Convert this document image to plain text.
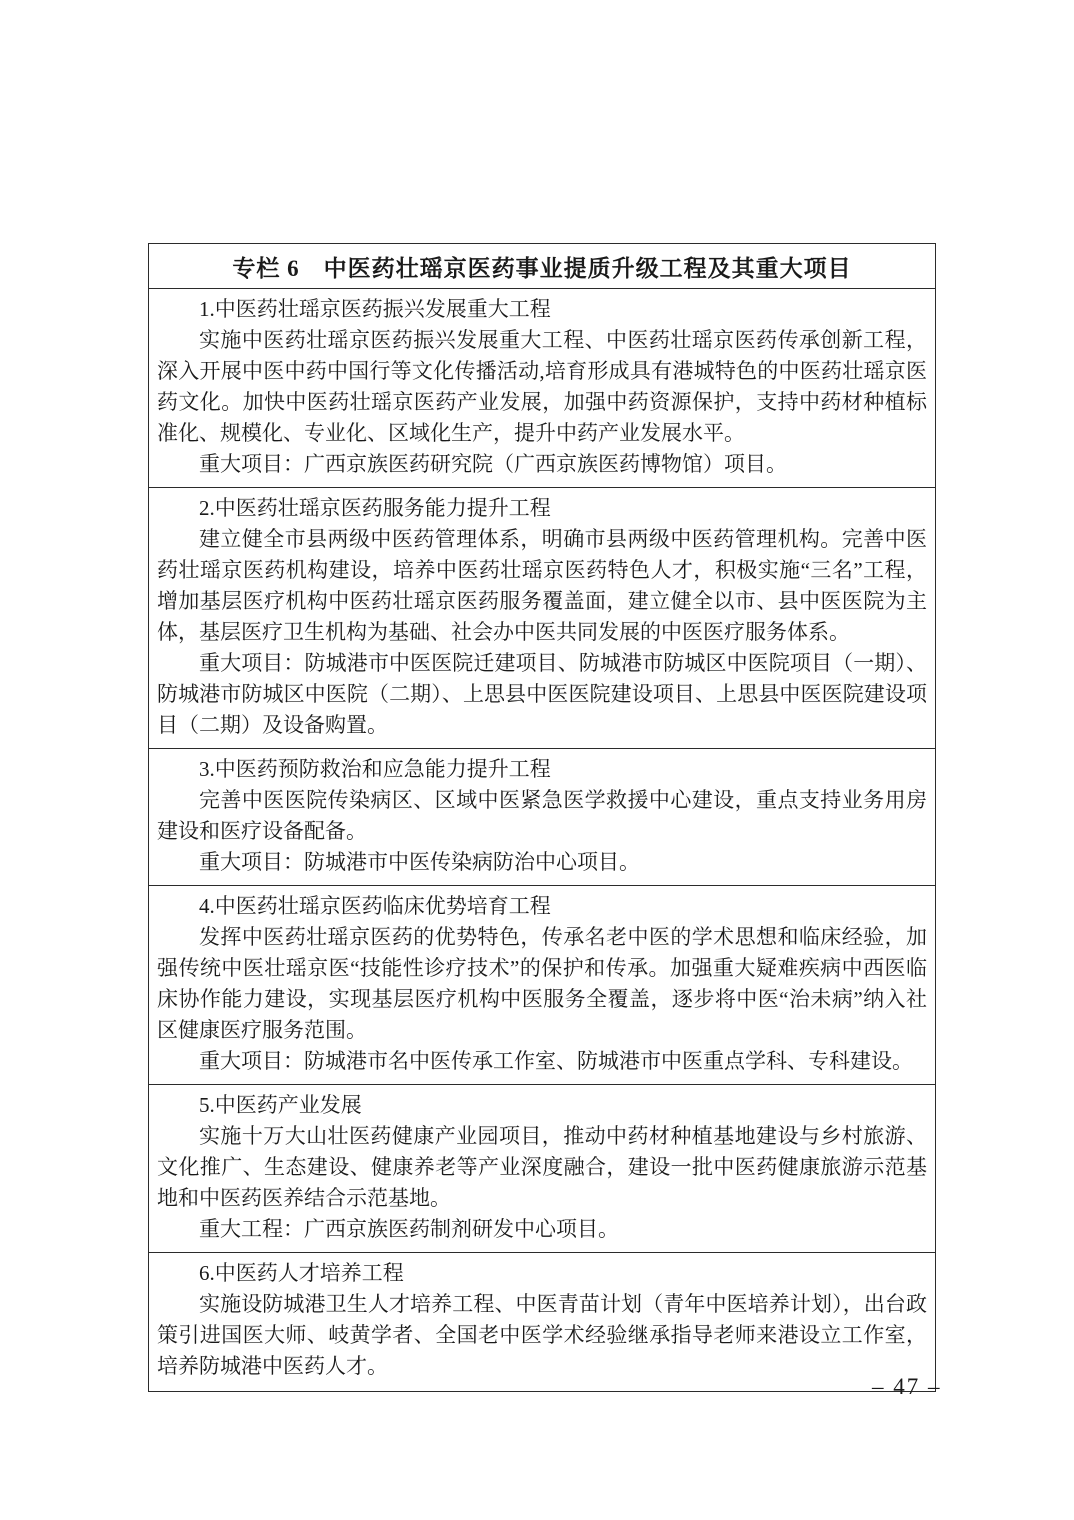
专栏 6　中医药壮瑶京医药事业提质升级工程及其重大项目

1.中医药壮瑶京医药振兴发展重大工程

实施中医药壮瑶京医药振兴发展重大工程、中医药壮瑶京医药传承创新工程，深入开展中医中药中国行等文化传播活动,培育形成具有港城特色的中医药壮瑶京医药文化。加快中医药壮瑶京医药产业发展，加强中药资源保护，支持中药材种植标准化、规模化、专业化、区域化生产，提升中药产业发展水平。

重大项目：广西京族医药研究院（广西京族医药博物馆）项目。

2.中医药壮瑶京医药服务能力提升工程

建立健全市县两级中医药管理体系，明确市县两级中医药管理机构。完善中医药壮瑶京医药机构建设，培养中医药壮瑶京医药特色人才，积极实施“三名”工程，增加基层医疗机构中医药壮瑶京医药服务覆盖面，建立健全以市、县中医医院为主体，基层医疗卫生机构为基础、社会办中医共同发展的中医医疗服务体系。

重大项目：防城港市中医医院迁建项目、防城港市防城区中医院项目（一期）、防城港市防城区中医院（二期）、上思县中医医院建设项目、上思县中医医院建设项目（二期）及设备购置。

3.中医药预防救治和应急能力提升工程

完善中医医院传染病区、区域中医紧急医学救援中心建设，重点支持业务用房建设和医疗设备配备。

重大项目：防城港市中医传染病防治中心项目。

4.中医药壮瑶京医药临床优势培育工程

发挥中医药壮瑶京医药的优势特色，传承名老中医的学术思想和临床经验，加强传统中医壮瑶京医“技能性诊疗技术”的保护和传承。加强重大疑难疾病中西医临床协作能力建设，实现基层医疗机构中医服务全覆盖，逐步将中医“治未病”纳入社区健康医疗服务范围。

重大项目：防城港市名中医传承工作室、防城港市中医重点学科、专科建设。

5.中医药产业发展

实施十万大山壮医药健康产业园项目，推动中药材种植基地建设与乡村旅游、文化推广、生态建设、健康养老等产业深度融合，建设一批中医药健康旅游示范基地和中医药医养结合示范基地。

重大工程：广西京族医药制剂研发中心项目。

6.中医药人才培养工程

实施设防城港卫生人才培养工程、中医青苗计划（青年中医培养计划），出台政策引进国医大师、岐黄学者、全国老中医学术经验继承指导老师来港设立工作室，培养防城港中医药人才。

– 47 –
